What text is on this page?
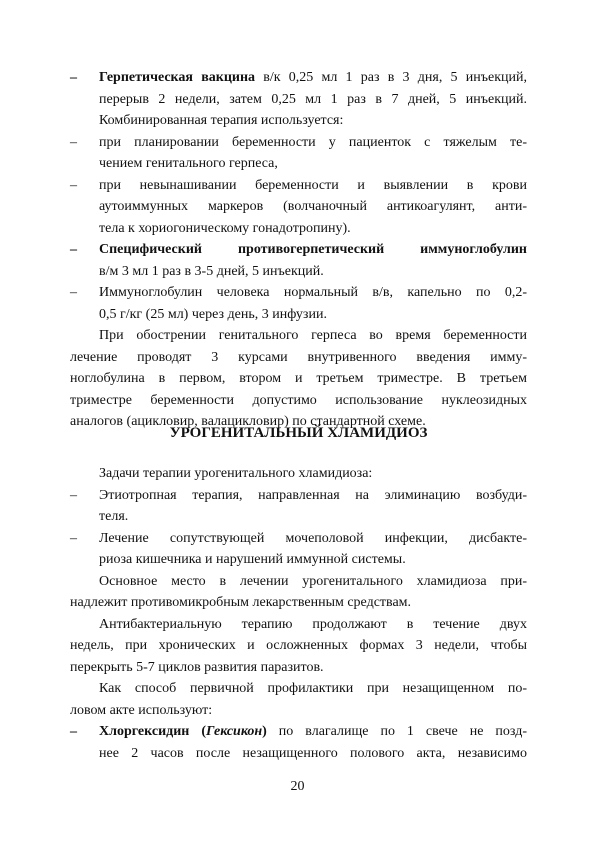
– Герпетическая вакцина в/к 0,25 мл 1 раз в 3 дня, 5 инъекций,
перерыв 2 недели, затем 0,25 мл 1 раз в 7 дней, 5 инъекций.
Комбинированная терапия используется:
– при планировании беременности у пациенток с тяжелым те-
чением генитального герпеса,
– при невынашивании беременности и выявлении в крови
аутоиммунных маркеров (волчаночный антикоагулянт, анти-
тела к хориогоническому гонадотропину).
– Специфический противогерпетический иммуноглобулин
в/м 3 мл 1 раз в 3-5 дней, 5 инъекций.
– Иммуноглобулин человека нормальный в/в, капельно по 0,2-
0,5 г/кг (25 мл) через день, 3 инфузии.
При обострении генитального герпеса во время беременности
лечение проводят 3 курсами внутривенного введения имму-
ноглобулина в первом, втором и третьем триместре. В третьем
триместре беременности допустимо использование нуклеозидных
аналогов (ацикловир, валацикловир) по стандартной схеме.
УРОГЕНИТАЛЬНЫЙ ХЛАМИДИОЗ
Задачи терапии урогенитального хламидиоза:
– Этиотропная терапия, направленная на элиминацию возбуди-
теля.
– Лечение сопутствующей мочеполовой инфекции, дисбакте-
риоза кишечника и нарушений иммунной системы.
Основное место в лечении урогенитального хламидиоза при-
надлежит противомикробным лекарственным средствам.
Антибактериальную терапию продолжают в течение двух
недель, при хронических и осложненных формах 3 недели, чтобы
перекрыть 5-7 циклов развития паразитов.
Как способ первичной профилактики при незащищенном по-
ловом акте используют:
– Хлоргексидин (Гексикон) по влагалище по 1 свече не позд-
нее 2 часов после незащищенного полового акта, независимо
20
